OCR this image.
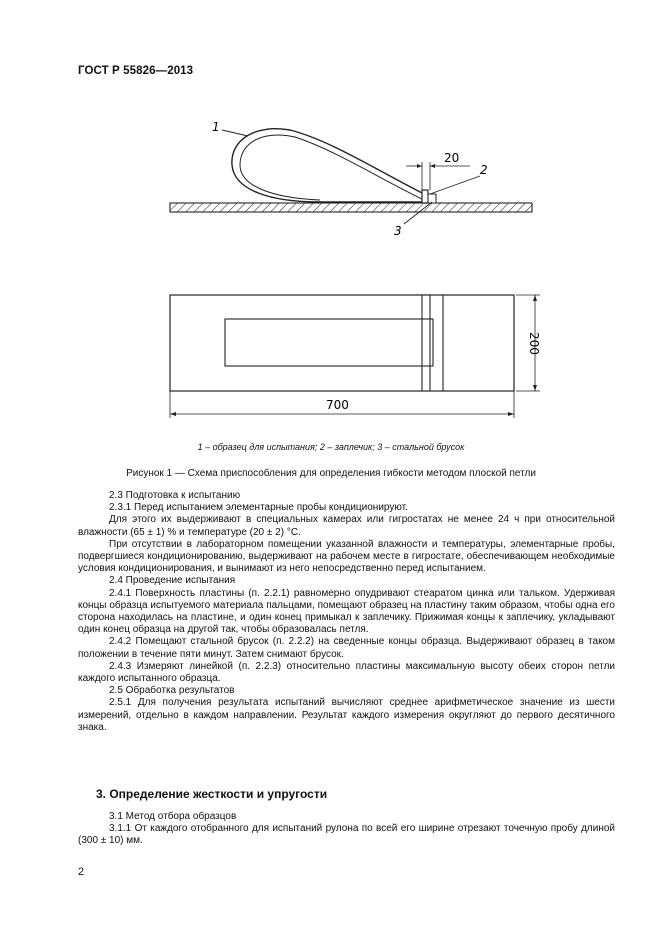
ГОСТ Р 55826—2013
20
1
2
3
200
700
1 – образец для испытания; 2 – заплечик; 3 – стальной брусок
Рисунок 1 — Схема приспособления для определения гибкости методом плоской петли

2.3 Подготовка к испытанию

2.3.1 Перед испытанием элементарные пробы кондиционируют.

Для этого их выдерживают в специальных камерах или гигростатах не менее 24 ч при относительной влажности (65 ± 1) % и температуре (20 ± 2) °С.

При отсутствии в лабораторном помещении указанной влажности и температуры, элементарные пробы, подвергшиеся кондиционированию, выдерживают на рабочем месте в гигростате, обеспечивающем необходимые условия кондиционирования, и вынимают из него непосредственно перед испытанием.

2.4 Проведение испытания

2.4.1 Поверхность пластины (п. 2.2.1) равномерно опудривают стеаратом цинка или тальком. Удерживая концы образца испытуемого материала пальцами, помещают образец на пластину таким образом, чтобы одна его сторона находилась на пластине, и один конец примыкал к заплечику. Прижимая концы к заплечику, укладывают один конец образца на другой так, чтобы образовалась петля.

2.4.2 Помещают стальной брусок (п. 2.2.2) на сведенные концы образца. Выдерживают образец в таком положении в течение пяти минут. Затем снимают брусок.

2.4.3 Измеряют линейкой (п. 2.2.3) относительно пластины максимальную высоту обеих сторон петли каждого испытанного образца.

2.5 Обработка результатов

2.5.1 Для получения результата испытаний вычисляют среднее арифметическое значение из шести измерений, отдельно в каждом направлении. Результат каждого измерения округляют до первого десятичного знака.

3. Определение жесткости и упругости

3.1 Метод отбора образцов

3.1.1 От каждого отобранного для испытаний рулона по всей его ширине отрезают точечную пробу длиной (300 ± 10) мм.

2
